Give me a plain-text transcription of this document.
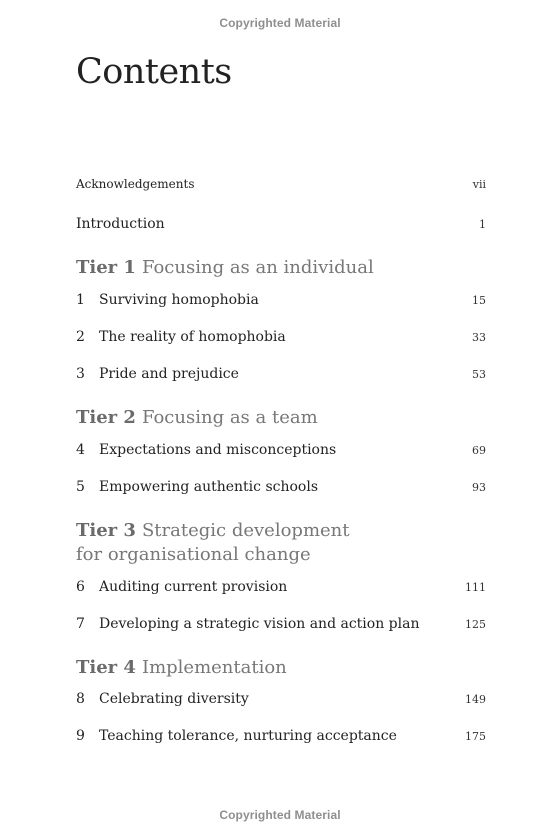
Copyrighted Material
Contents
Acknowledgements	vii
Introduction	1
Tier 1 Focusing as an individual
1	Surviving homophobia	15
2	The reality of homophobia	33
3	Pride and prejudice	53
Tier 2 Focusing as a team
4	Expectations and misconceptions	69
5	Empowering authentic schools	93
Tier 3 Strategic development for organisational change
6	Auditing current provision	111
7	Developing a strategic vision and action plan	125
Tier 4 Implementation
8	Celebrating diversity	149
9	Teaching tolerance, nurturing acceptance	175
Copyrighted Material
